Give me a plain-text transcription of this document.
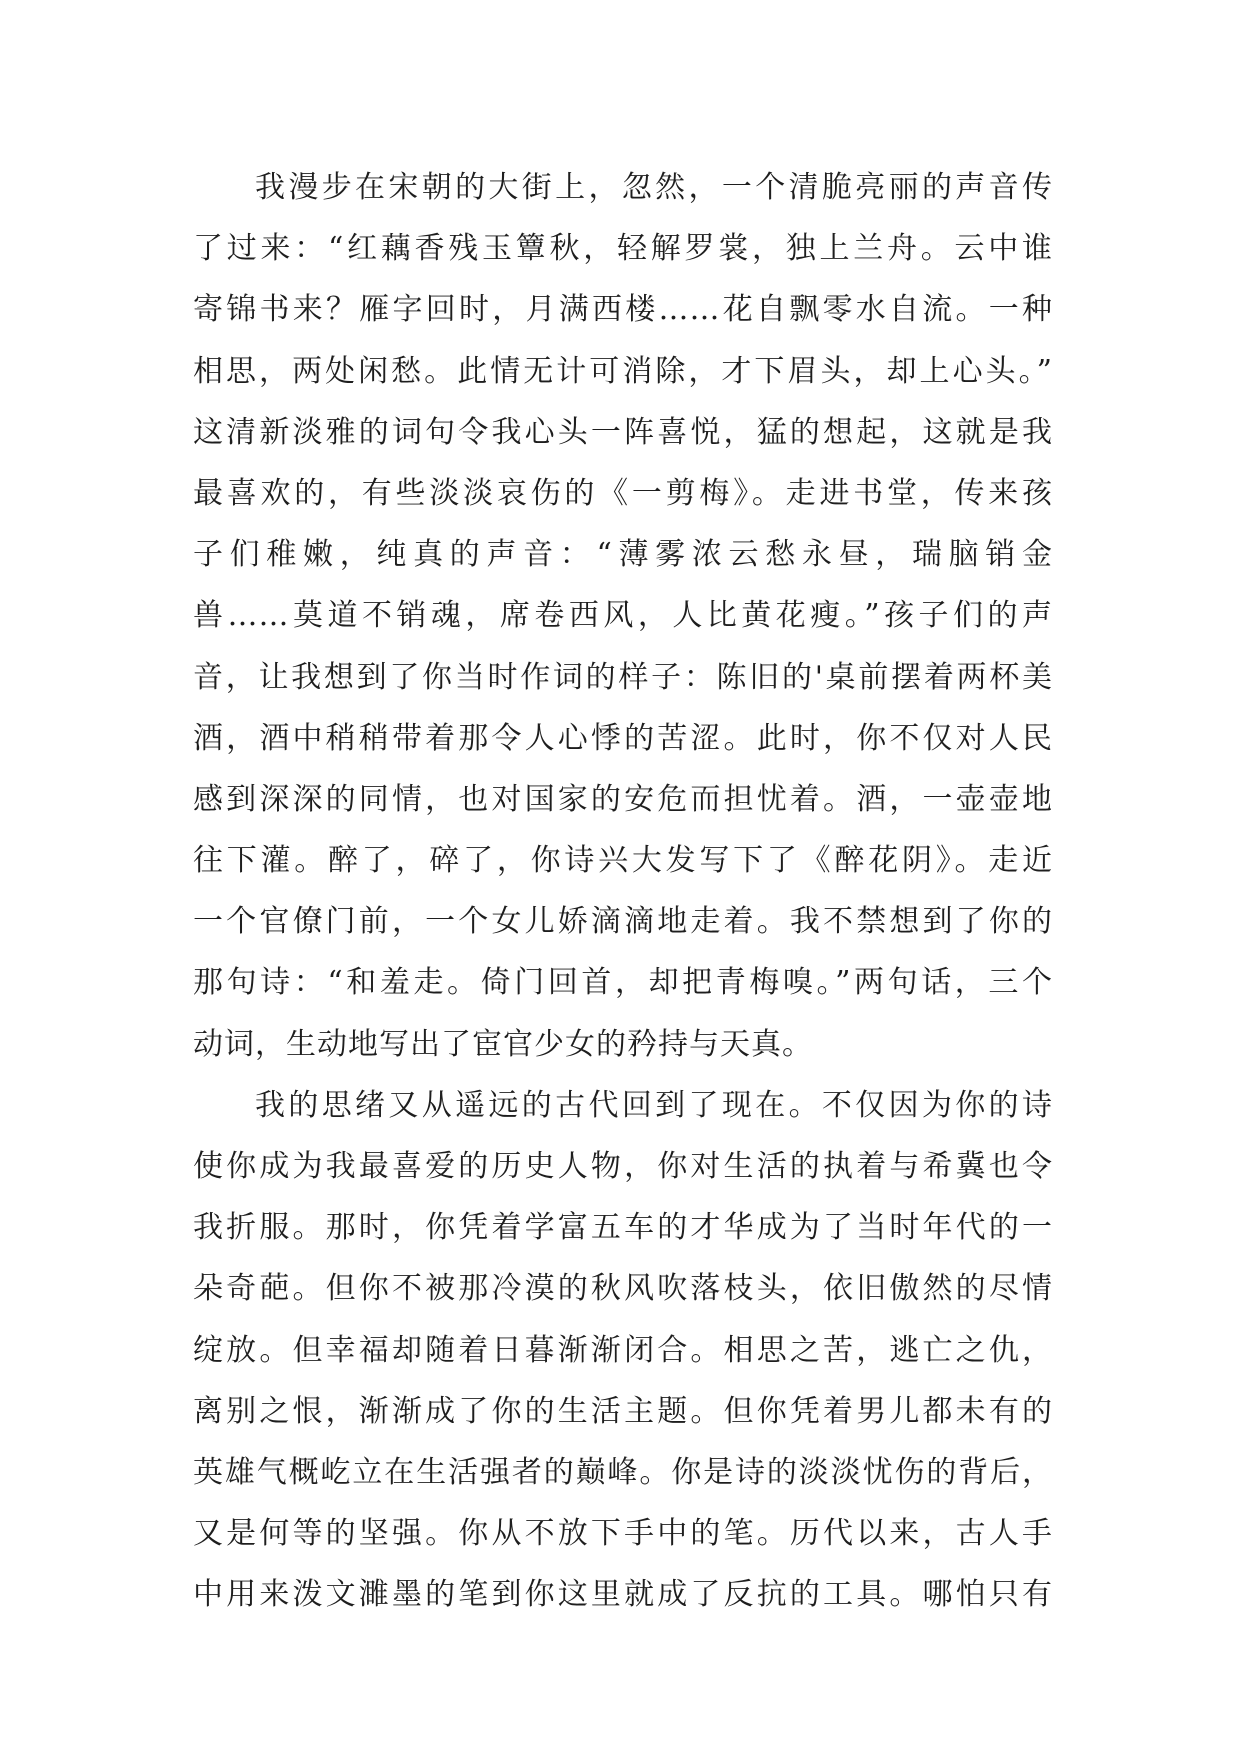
我漫步在宋朝的大街上，忽然，一个清脆亮丽的声音传
了过来：“红藕香残玉簟秋，轻解罗裳，独上兰舟。云中谁
寄锦书来？雁字回时，月满西楼……花自飘零水自流。一种
相思，两处闲愁。此情无计可消除，才下眉头，却上心头。”
这清新淡雅的词句令我心头一阵喜悦，猛的想起，这就是我
最喜欢的，有些淡淡哀伤的《一剪梅》。走进书堂，传来孩
子们稚嫩，纯真的声音：“薄雾浓云愁永昼，瑞脑销金
兽……莫道不销魂，席卷西风，人比黄花瘦。”孩子们的声
音，让我想到了你当时作词的样子：陈旧的'桌前摆着两杯美
酒，酒中稍稍带着那令人心悸的苦涩。此时，你不仅对人民
感到深深的同情，也对国家的安危而担忧着。酒，一壶壶地
往下灌。醉了，碎了，你诗兴大发写下了《醉花阴》。走近
一个官僚门前，一个女儿娇滴滴地走着。我不禁想到了你的
那句诗：“和羞走。倚门回首，却把青梅嗅。”两句话，三个
动词，生动地写出了宦官少女的矜持与天真。
我的思绪又从遥远的古代回到了现在。不仅因为你的诗
使你成为我最喜爱的历史人物，你对生活的执着与希冀也令
我折服。那时，你凭着学富五车的才华成为了当时年代的一
朵奇葩。但你不被那冷漠的秋风吹落枝头，依旧傲然的尽情
绽放。但幸福却随着日暮渐渐闭合。相思之苦，逃亡之仇，
离别之恨，渐渐成了你的生活主题。但你凭着男儿都未有的
英雄气概屹立在生活强者的巅峰。你是诗的淡淡忧伤的背后，
又是何等的坚强。你从不放下手中的笔。历代以来，古人手
中用来泼文濉墨的笔到你这里就成了反抗的工具。哪怕只有
